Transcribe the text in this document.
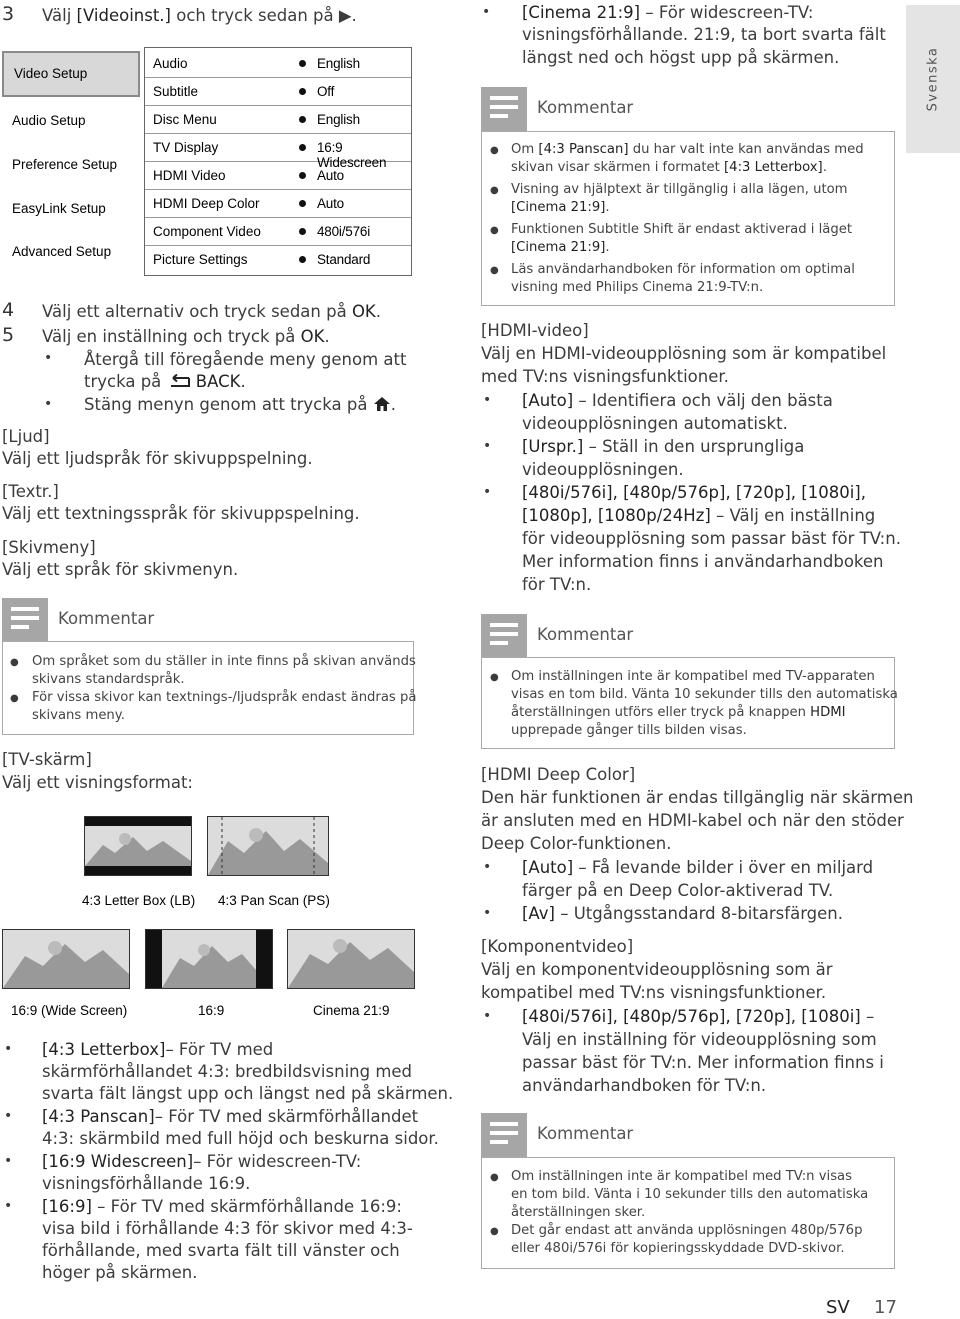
Svenska
3 Välj [Videoinst.] och tryck sedan på ▶.
Video Setup
Audio Setup
Preference Setup
EasyLink Setup
Advanced Setup
Audio	English
Subtitle	Off
Disc Menu	English
TV Display	16:9 Widescreen
HDMI Video	Auto
HDMI Deep Color	Auto
Component Video	480i/576i
Picture Settings	Standard
4 Välj ett alternativ och tryck sedan på OK.
5 Välj en inställning och tryck på OK.
• Återgå till föregående meny genom att
trycka på  BACK.
• Stäng menyn genom att trycka på .
[Ljud]
Välj ett ljudspråk för skivuppspelning.
[Textr.]
Välj ett textningsspråk för skivuppspelning.
[Skivmeny]
Välj ett språk för skivmenyn.
Kommentar
● Om språket som du ställer in inte finns på skivan används
skivans standardspråk.
● För vissa skivor kan textnings-/ljudspråk endast ändras på
skivans meny.
[TV-skärm]
Välj ett visningsformat:
4:3 Letter Box (LB) 4:3 Pan Scan (PS)
16:9 (Wide Screen)	16:9	Cinema 21:9
• [4:3 Letterbox]– För TV med
skärmförhållandet 4:3: bredbildsvisning med
svarta fält längst upp och längst ned på skärmen.
• [4:3 Panscan]– För TV med skärmförhållandet
4:3: skärmbild med full höjd och beskurna sidor.
• [16:9 Widescreen]– För widescreen-TV:
visningsförhållande 16:9.
• [16:9] – För TV med skärmförhållande 16:9:
visa bild i förhållande 4:3 för skivor med 4:3-
förhållande, med svarta fält till vänster och
höger på skärmen.
• [Cinema 21:9] – För widescreen-TV:
visningsförhållande. 21:9, ta bort svarta fält
längst ned och högst upp på skärmen.
Kommentar
● Om [4:3 Panscan] du har valt inte kan användas med
skivan visar skärmen i formatet [4:3 Letterbox].
● Visning av hjälptext är tillgänglig i alla lägen, utom
[Cinema 21:9].
● Funktionen Subtitle Shift är endast aktiverad i läget
[Cinema 21:9].
● Läs användarhandboken för information om optimal
visning med Philips Cinema 21:9-TV:n.
[HDMI-video]
Välj en HDMI-videoupplösning som är kompatibel
med TV:ns visningsfunktioner.
• [Auto] – Identifiera och välj den bästa
videoupplösningen automatiskt.
• [Urspr.] – Ställ in den ursprungliga
videoupplösningen.
• [480i/576i], [480p/576p], [720p], [1080i],
[1080p], [1080p/24Hz] – Välj en inställning
för videoupplösning som passar bäst för TV:n.
Mer information finns i användarhandboken
för TV:n.
Kommentar
● Om inställningen inte är kompatibel med TV-apparaten
visas en tom bild. Vänta 10 sekunder tills den automatiska
återställningen utförs eller tryck på knappen HDMI
upprepade gånger tills bilden visas.
[HDMI Deep Color]
Den här funktionen är endas tillgänglig när skärmen
är ansluten med en HDMI-kabel och när den stöder
Deep Color-funktionen.
• [Auto] – Få levande bilder i över en miljard
färger på en Deep Color-aktiverad TV.
• [Av] – Utgångsstandard 8-bitarsfärgen.
[Komponentvideo]
Välj en komponentvideoupplösning som är
kompatibel med TV:ns visningsfunktioner.
• [480i/576i], [480p/576p], [720p], [1080i] –
Välj en inställning för videoupplösning som
passar bäst för TV:n. Mer information finns i
användarhandboken för TV:n.
Kommentar
● Om inställningen inte är kompatibel med TV:n visas
en tom bild. Vänta i 10 sekunder tills den automatiska
återställningen sker.
● Det går endast att använda upplösningen 480p/576p
eller 480i/576i för kopieringsskyddade DVD-skivor.
SV 17
